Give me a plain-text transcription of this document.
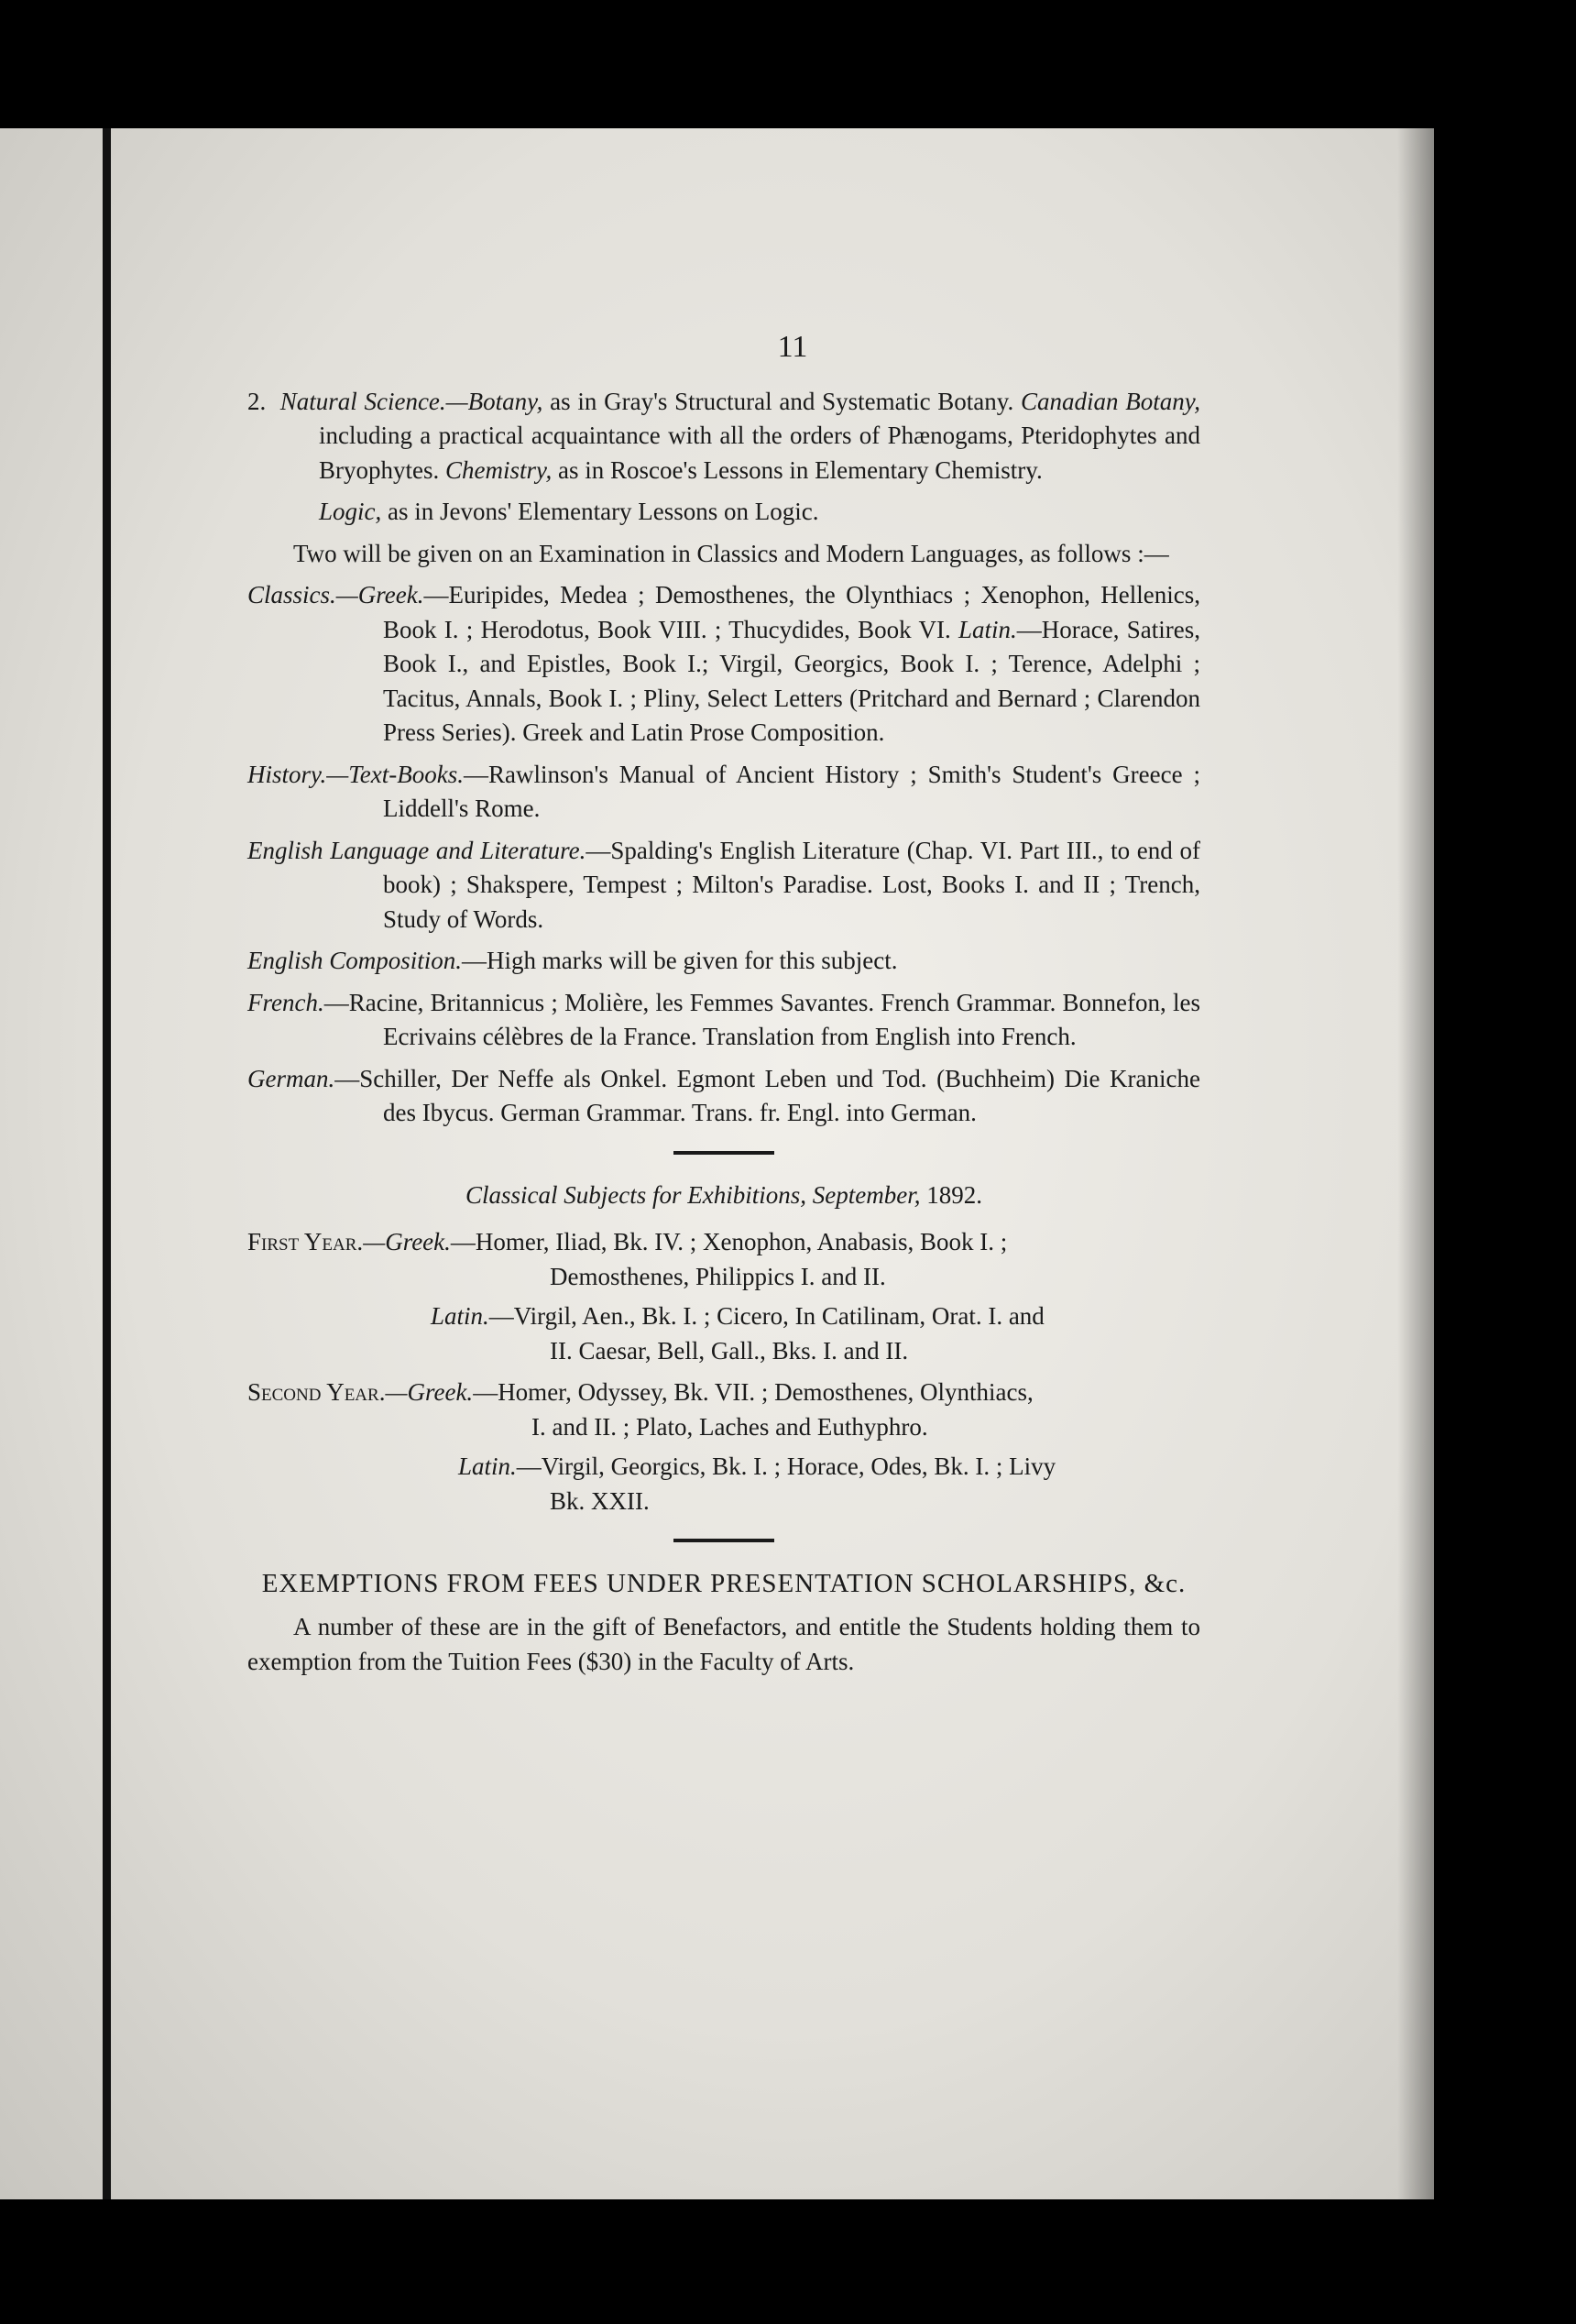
11

2. Natural Science.—Botany, as in Gray's Structural and Systematic Botany. Canadian Botany, including a practical acquaintance with all the orders of Phænogams, Pteridophytes and Bryophytes. Chemistry, as in Roscoe's Lessons in Elementary Chemistry.

Logic, as in Jevons' Elementary Lessons on Logic.

Two will be given on an Examination in Classics and Modern Languages, as follows :—

Classics.—Greek.—Euripides, Medea ; Demosthenes, the Olynthiacs ; Xenophon, Hellenics, Book I. ; Herodotus, Book VIII. ; Thucydides, Book VI. Latin.—Horace, Satires, Book I., and Epistles, Book I.; Virgil, Georgics, Book I. ; Terence, Adelphi ; Tacitus, Annals, Book I. ; Pliny, Select Letters (Pritchard and Bernard ; Clarendon Press Series). Greek and Latin Prose Composition.

History.—Text-Books.—Rawlinson's Manual of Ancient History ; Smith's Student's Greece ; Liddell's Rome.

English Language and Literature.—Spalding's English Literature (Chap. VI. Part III., to end of book) ; Shakspere, Tempest ; Milton's Paradise. Lost, Books I. and II ; Trench, Study of Words.

English Composition.—High marks will be given for this subject.

French.—Racine, Britannicus ; Molière, les Femmes Savantes. French Grammar. Bonnefon, les Ecrivains célèbres de la France. Translation from English into French.

German.—Schiller, Der Neffe als Onkel. Egmont Leben und Tod. (Buchheim) Die Kraniche des Ibycus. German Grammar. Trans. fr. Engl. into German.

Classical Subjects for Exhibitions, September, 1892.

First Year.—Greek.—Homer, Iliad, Bk. IV. ; Xenophon, Anabasis, Book I. ;

Demosthenes, Philippics I. and II.

Latin.—Virgil, Aen., Bk. I. ; Cicero, In Catilinam, Orat. I. and

II. Caesar, Bell, Gall., Bks. I. and II.

Second Year.—Greek.—Homer, Odyssey, Bk. VII. ; Demosthenes, Olynthiacs,

I. and II. ; Plato, Laches and Euthyphro.

Latin.—Virgil, Georgics, Bk. I. ; Horace, Odes, Bk. I. ; Livy

Bk. XXII.

EXEMPTIONS FROM FEES UNDER PRESENTATION SCHOLARSHIPS, &c.

A number of these are in the gift of Benefactors, and entitle the Students holding them to exemption from the Tuition Fees ($30) in the Faculty of Arts.
